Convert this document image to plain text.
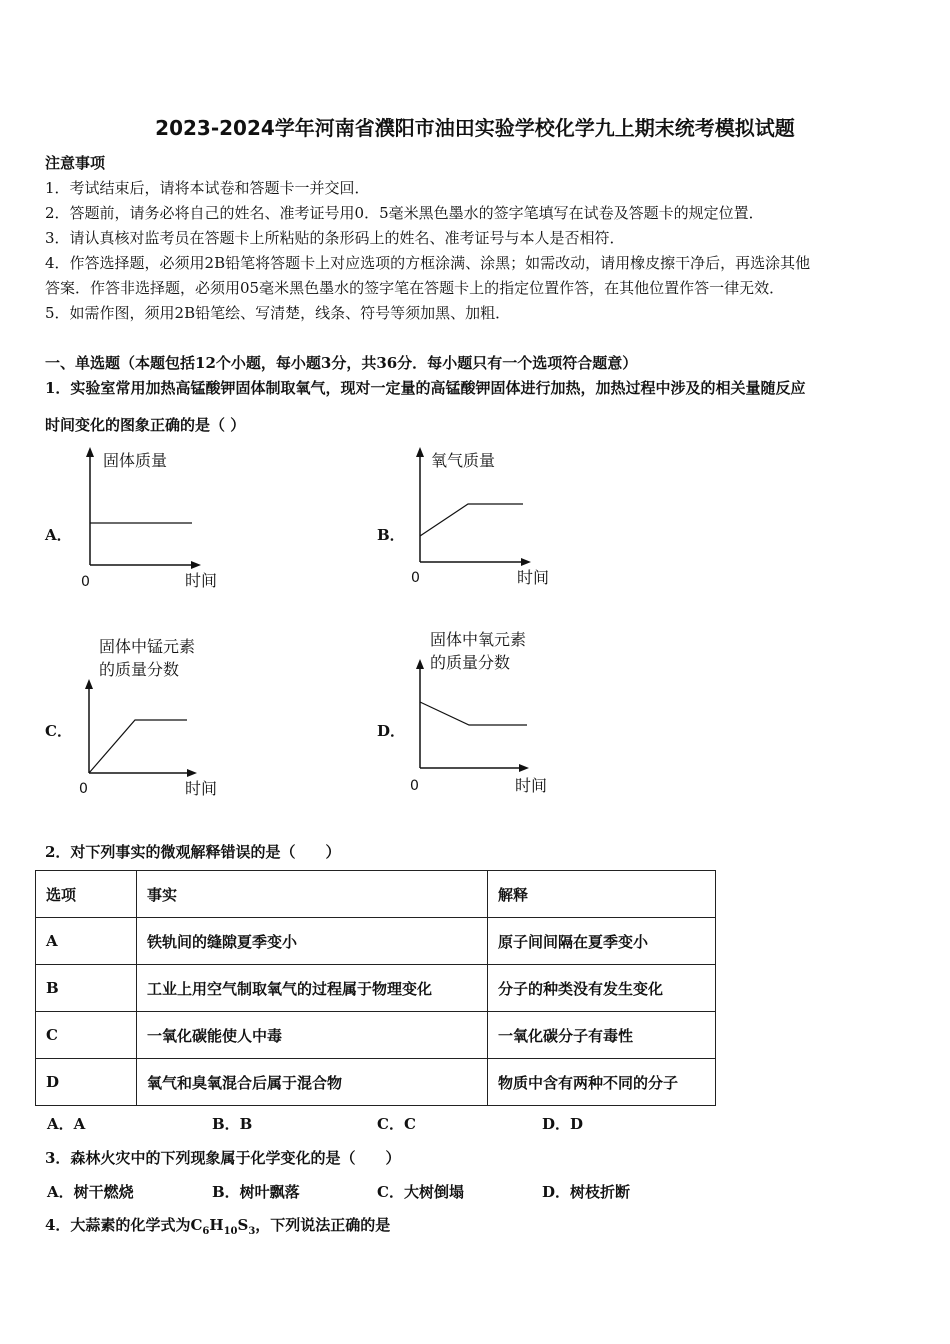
2023-2024学年河南省濮阳市油田实验学校化学九上期末统考模拟试题
注意事项
1．考试结束后，请将本试卷和答题卡一并交回．
2．答题前，请务必将自己的姓名、准考证号用0．5毫米黑色墨水的签字笔填写在试卷及答题卡的规定位置．
3．请认真核对监考员在答题卡上所粘贴的条形码上的姓名、准考证号与本人是否相符．
4．作答选择题，必须用2B铅笔将答题卡上对应选项的方框涂满、涂黑；如需改动，请用橡皮擦干净后，再选涂其他
答案．作答非选择题，必须用05毫米黑色墨水的签字笔在答题卡上的指定位置作答，在其他位置作答一律无效．
5．如需作图，须用2B铅笔绘、写清楚，线条、符号等须加黑、加粗．
一、单选题（本题包括12个小题，每小题3分，共36分．每小题只有一个选项符合题意）
1．实验室常用加热高锰酸钾固体制取氧气，现对一定量的高锰酸钾固体进行加热，加热过程中涉及的相关量随反应
时间变化的图象正确的是（ ）
A．
固体质量
0	时间
B．
氧气质量
0	时间
C．
固体中锰元素
的质量分数
0	时间
D．
固体中氧元素
的质量分数
0	时间
2．对下列事实的微观解释错误的是（　　）
选项	事实	解释
A	铁轨间的缝隙夏季变小	原子间间隔在夏季变小
B	工业上用空气制取氧气的过程属于物理变化	分子的种类没有发生变化
C	一氧化碳能使人中毒	一氧化碳分子有毒性
D	氧气和臭氧混合后属于混合物	物质中含有两种不同的分子
A．A	B．B	C．C	D．D
3．森林火灾中的下列现象属于化学变化的是（　　）
A．树干燃烧	B．树叶飘落	C．大树倒塌	D．树枝折断
4．大蒜素的化学式为$C_6H_{10}S_3$，下列说法正确的是
